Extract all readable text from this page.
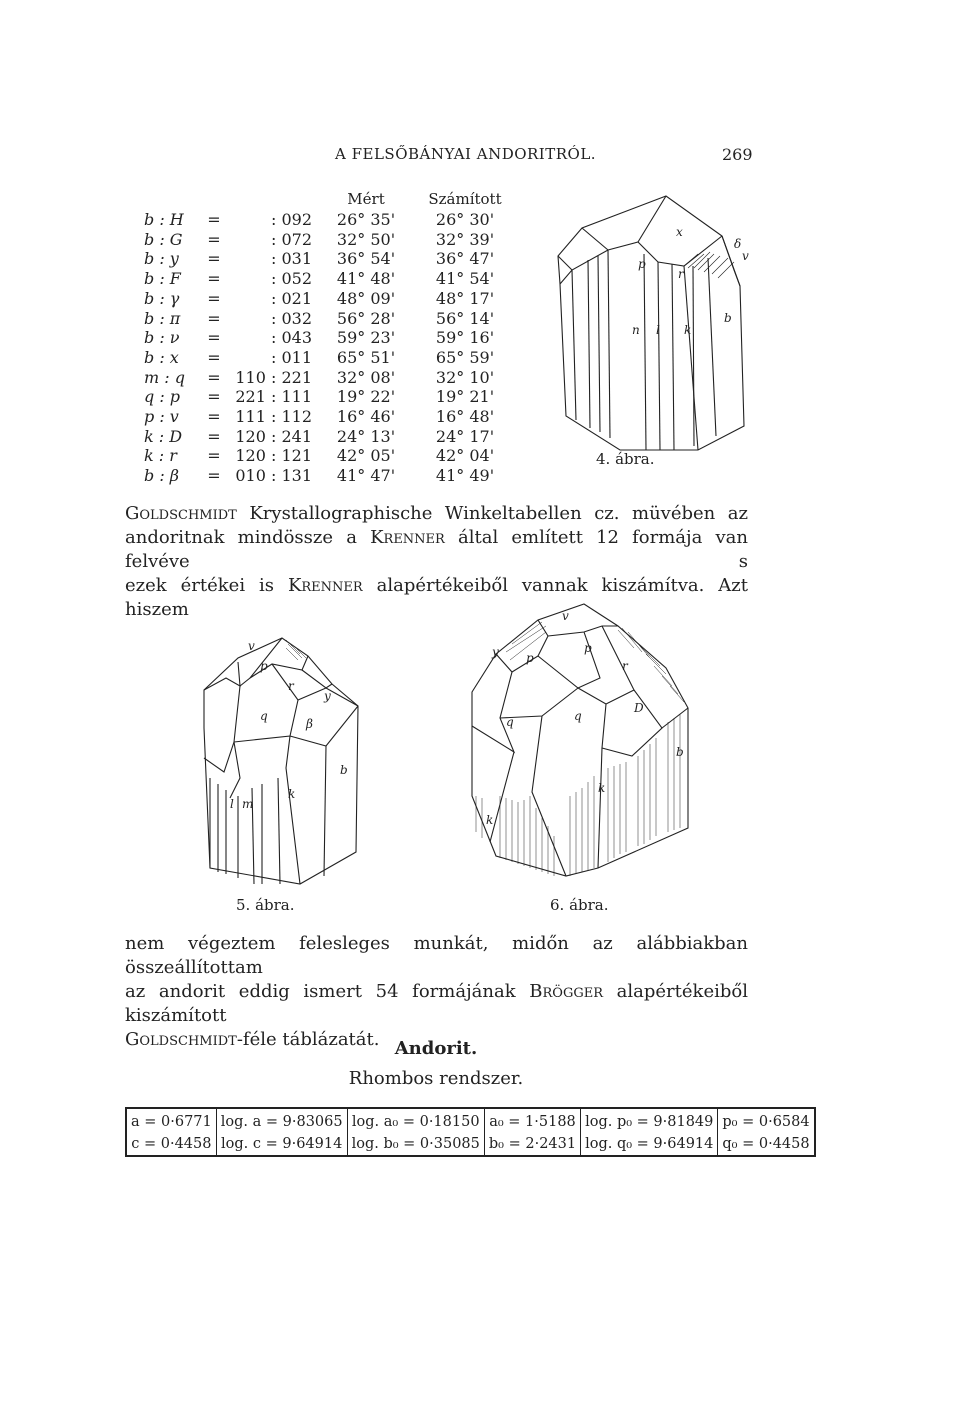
A FELSŐBÁNYAI ANDORITRÓL.	269
			Mért	Számított
b : H	=	: 092	26° 35'	26° 30'
b : G	=	: 072	32° 50'	32° 39'
b : y	=	: 031	36° 54'	36° 47'
b : F	=	: 052	41° 48'	41° 54'
b : γ	=	: 021	48° 09'	48° 17'
b : π	=	: 032	56° 28'	56° 14'
b : ν	=	: 043	59° 23'	59° 16'
b : x	=	: 011	65° 51'	65° 59'
m : q	=	110 : 221	32° 08'	32° 10'
q : p	=	221 : 111	19° 22'	19° 21'
p : v	=	111 : 112	16° 46'	16° 48'
k : D	=	120 : 241	24° 13'	24° 17'
k : r	=	120 : 121	42° 05'	42° 04'
b : β	=	010 : 131	41° 47'	41° 49'
n l k
b
p
x
r
δ
v
4. ábra.
Goldschmidt Krystallographische Winkeltabellen cz. müvében az
andoritnak mindössze a Krenner által említett 12 formája van felvéve s
ezek értékei is Krenner alapértékeiből vannak kiszámítva. Azt hiszem
p
q
k
b
v
r
y
β
l m
5. ábra.
p
p
q	q
k
k
b
v
r
y
D
6. ábra.
nem végeztem felesleges munkát, midőn az alábbiakban összeállítottam
az andorit eddig ismert 54 formájának Brögger alapértékeiből kiszámított
Goldschmidt-féle táblázatát. Andorit.
Rhombos rendszer.
a = 0·6771	log. a = 9·83065	log. a₀ = 0·18150	a₀ = 1·5188	log. p₀ = 9·81849	p₀ = 0·6584
c = 0·4458	log. c = 9·64914	log. b₀ = 0·35085	b₀ = 2·2431	log. q₀ = 9·64914	q₀ = 0·4458
